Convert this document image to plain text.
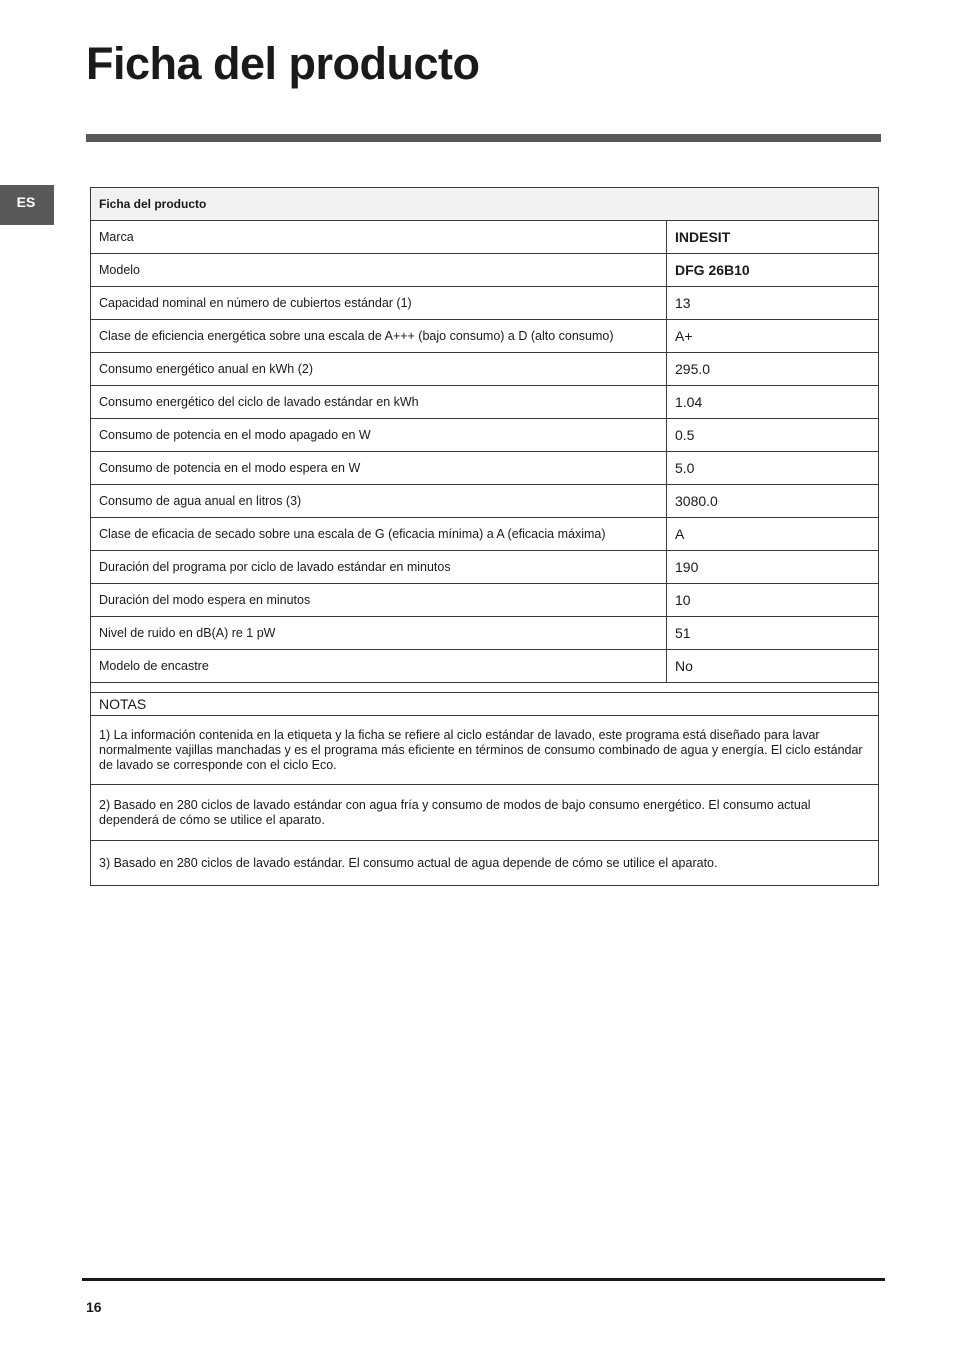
Ficha del producto
ES	Ficha del producto	
Marca	INDESIT
Modelo	DFG 26B10
Capacidad nominal en número de cubiertos estándar (1)	13
Clase de eficiencia energética sobre una escala de A+++ (bajo consumo) a D (alto consumo)	A+
Consumo energético anual en kWh (2)	295.0
Consumo energético del ciclo de lavado estándar en kWh	1.04
Consumo de potencia en el modo apagado en W	0.5
Consumo de potencia en el modo espera en W	5.0
Consumo de agua anual en litros (3)	3080.0
Clase de eficacia de secado sobre una escala de G (eficacia mínima) a A (eficacia máxima)	A
Duración del programa por ciclo de lavado estándar en minutos	190
Duración del modo espera en minutos	10
Nivel de ruido en dB(A) re 1 pW	51
Modelo de encastre	No

NOTAS	
1) La información contenida en la etiqueta y la ficha se refiere al ciclo estándar de lavado, este programa está diseñado para lavar normalmente vajillas manchadas y es el programa más eficiente en términos de consumo combinado de agua y energía. El ciclo estándar de lavado se corresponde con el ciclo Eco.	
2) Basado en 280 ciclos de lavado estándar con agua fría y consumo de modos de bajo consumo energético. El consumo actual dependerá de cómo se utilice el aparato.	
3) Basado en 280 ciclos de lavado estándar. El consumo actual de agua depende de cómo se utilice el aparato.	
16
